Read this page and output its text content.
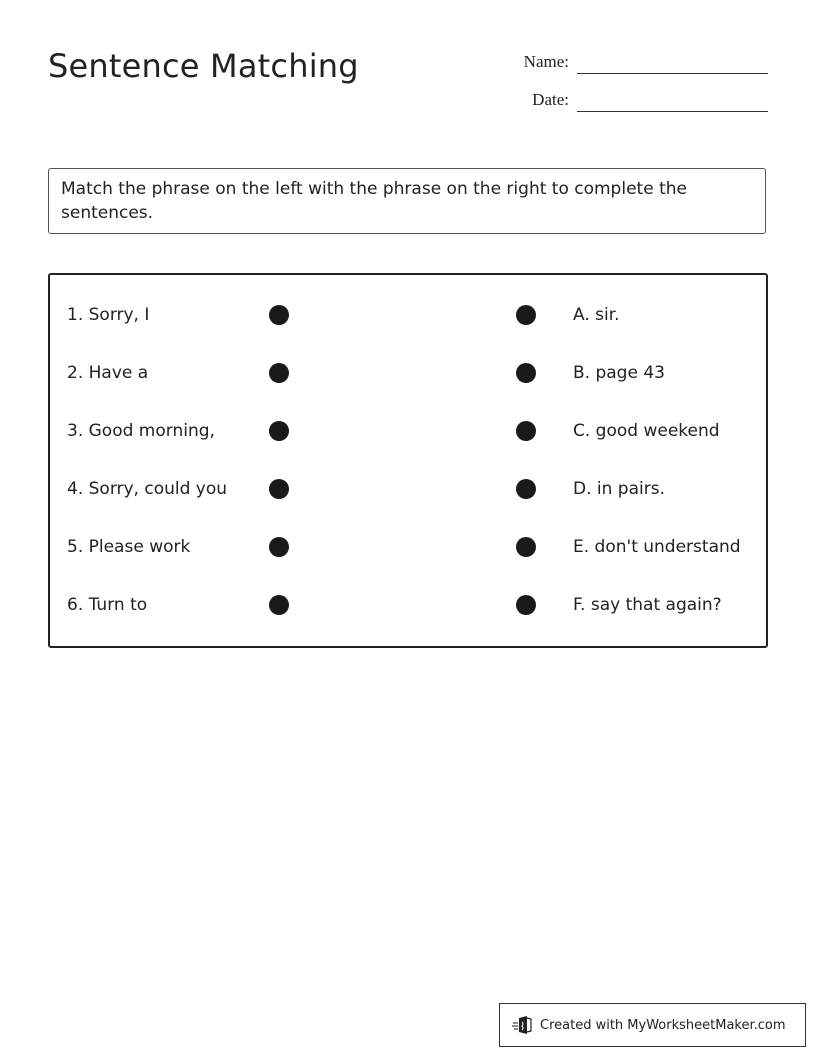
Sentence Matching	Name:
Date:
Match the phrase on the left with the phrase on the right to complete the sentences.
1. Sorry, I	A. sir.
2. Have a	B. page 43
3. Good morning,	C. good weekend
4. Sorry, could you	D. in pairs.
5. Please work	E. don't understand
6. Turn to	F. say that again?
Created with MyWorksheetMaker.com
